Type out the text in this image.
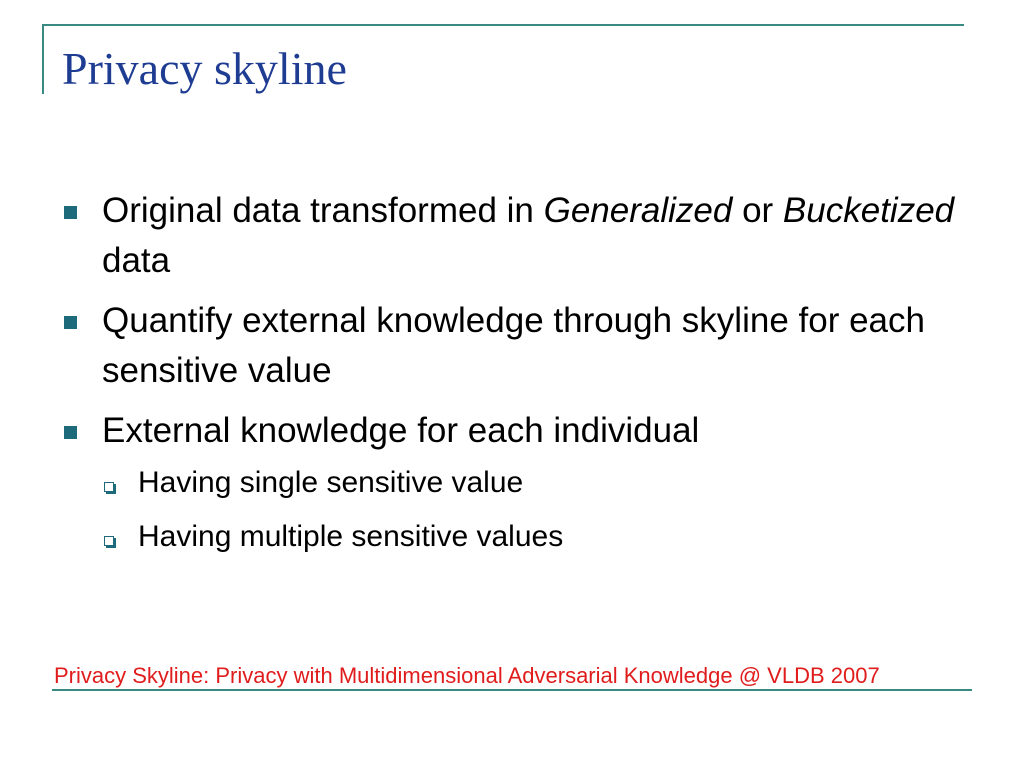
Privacy skyline
Original data transformed in Generalized or Bucketized data
Quantify external knowledge through skyline for each sensitive value
External knowledge for each individual
Having single sensitive value
Having multiple sensitive values
Privacy Skyline: Privacy with Multidimensional Adversarial Knowledge @ VLDB 2007
